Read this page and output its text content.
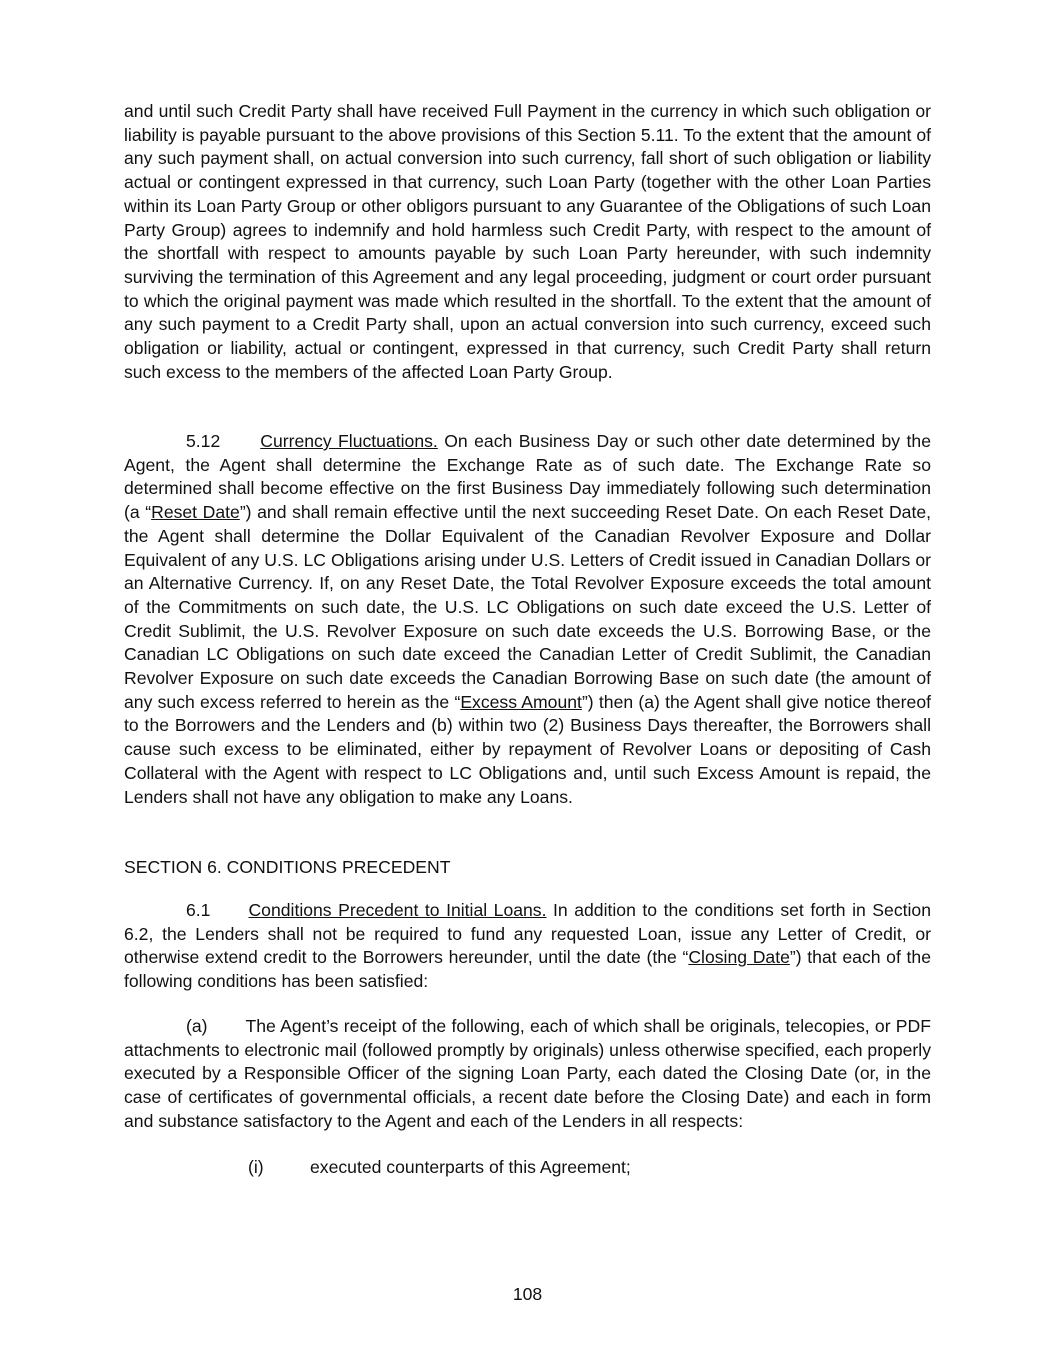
and until such Credit Party shall have received Full Payment in the currency in which such obligation or liability is payable pursuant to the above provisions of this Section 5.11. To the extent that the amount of any such payment shall, on actual conversion into such currency, fall short of such obligation or liability actual or contingent expressed in that currency, such Loan Party (together with the other Loan Parties within its Loan Party Group or other obligors pursuant to any Guarantee of the Obligations of such Loan Party Group) agrees to indemnify and hold harmless such Credit Party, with respect to the amount of the shortfall with respect to amounts payable by such Loan Party hereunder, with such indemnity surviving the termination of this Agreement and any legal proceeding, judgment or court order pursuant to which the original payment was made which resulted in the shortfall. To the extent that the amount of any such payment to a Credit Party shall, upon an actual conversion into such currency, exceed such obligation or liability, actual or contingent, expressed in that currency, such Credit Party shall return such excess to the members of the affected Loan Party Group.

5.12 Currency Fluctuations. On each Business Day or such other date determined by the Agent, the Agent shall determine the Exchange Rate as of such date. The Exchange Rate so determined shall become effective on the first Business Day immediately following such determination (a “Reset Date”) and shall remain effective until the next succeeding Reset Date. On each Reset Date, the Agent shall determine the Dollar Equivalent of the Canadian Revolver Exposure and Dollar Equivalent of any U.S. LC Obligations arising under U.S. Letters of Credit issued in Canadian Dollars or an Alternative Currency. If, on any Reset Date, the Total Revolver Exposure exceeds the total amount of the Commitments on such date, the U.S. LC Obligations on such date exceed the U.S. Letter of Credit Sublimit, the U.S. Revolver Exposure on such date exceeds the U.S. Borrowing Base, or the Canadian LC Obligations on such date exceed the Canadian Letter of Credit Sublimit, the Canadian Revolver Exposure on such date exceeds the Canadian Borrowing Base on such date (the amount of any such excess referred to herein as the “Excess Amount”) then (a) the Agent shall give notice thereof to the Borrowers and the Lenders and (b) within two (2) Business Days thereafter, the Borrowers shall cause such excess to be eliminated, either by repayment of Revolver Loans or depositing of Cash Collateral with the Agent with respect to LC Obligations and, until such Excess Amount is repaid, the Lenders shall not have any obligation to make any Loans.

SECTION 6. CONDITIONS PRECEDENT

6.1 Conditions Precedent to Initial Loans. In addition to the conditions set forth in Section 6.2, the Lenders shall not be required to fund any requested Loan, issue any Letter of Credit, or otherwise extend credit to the Borrowers hereunder, until the date (the “Closing Date”) that each of the following conditions has been satisfied:

(a) The Agent’s receipt of the following, each of which shall be originals, telecopies, or PDF attachments to electronic mail (followed promptly by originals) unless otherwise specified, each properly executed by a Responsible Officer of the signing Loan Party, each dated the Closing Date (or, in the case of certificates of governmental officials, a recent date before the Closing Date) and each in form and substance satisfactory to the Agent and each of the Lenders in all respects:

(i)	executed counterparts of this Agreement;

108
